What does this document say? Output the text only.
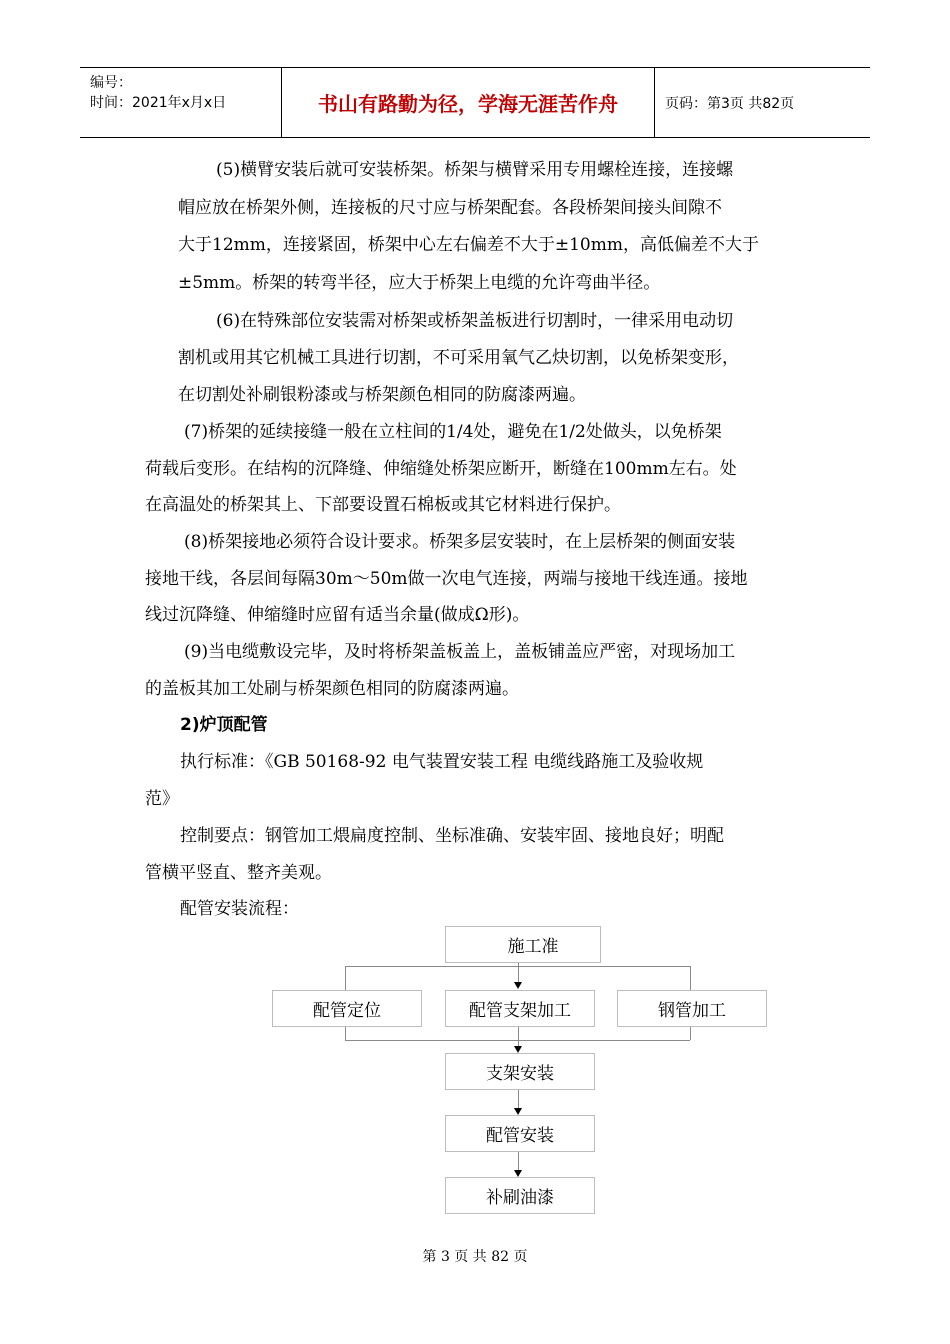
编号：
时间：2021年x月x日	书山有路勤为径，学海无涯苦作舟	页码：第3页 共82页
(5)横臂安装后就可安装桥架。桥架与横臂采用专用螺栓连接，连接螺
帽应放在桥架外侧，连接板的尺寸应与桥架配套。各段桥架间接头间隙不
大于12mm，连接紧固，桥架中心左右偏差不大于±10mm，高低偏差不大于
±5mm。桥架的转弯半径，应大于桥架上电缆的允许弯曲半径。
(6)在特殊部位安装需对桥架或桥架盖板进行切割时，一律采用电动切
割机或用其它机械工具进行切割，不可采用氧气乙炔切割，以免桥架变形，
在切割处补刷银粉漆或与桥架颜色相同的防腐漆两遍。
(7)桥架的延续接缝一般在立柱间的1/4处，避免在1/2处做头，以免桥架
荷载后变形。在结构的沉降缝、伸缩缝处桥架应断开，断缝在100mm左右。处
在高温处的桥架其上、下部要设置石棉板或其它材料进行保护。
(8)桥架接地必须符合设计要求。桥架多层安装时，在上层桥架的侧面安装
接地干线，各层间每隔30m～50m做一次电气连接，两端与接地干线连通。接地
线过沉降缝、伸缩缝时应留有适当余量(做成Ω形)。
(9)当电缆敷设完毕，及时将桥架盖板盖上，盖板铺盖应严密，对现场加工
的盖板其加工处刷与桥架颜色相同的防腐漆两遍。
2)炉顶配管
执行标准：《GB 50168-92 电气装置安装工程 电缆线路施工及验收规
范》
控制要点：钢管加工煨扁度控制、坐标准确、安装牢固、接地良好；明配
管横平竖直、整齐美观。
配管安装流程：
施工准
配管定位	配管支架加工	钢管加工
支架安装
配管安装
补刷油漆
第 3 页 共 82 页
